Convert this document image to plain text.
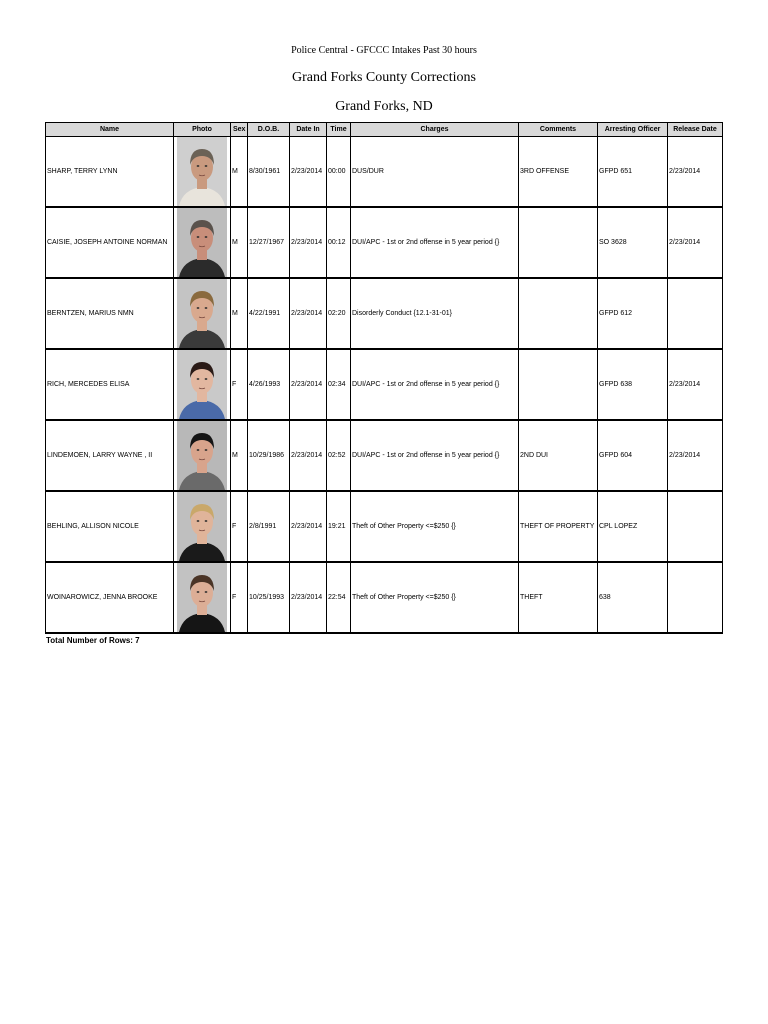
Police Central - GFCCC Intakes Past 30 hours
Grand Forks County Corrections
Grand Forks, ND
Name	Photo	Sex	D.O.B.	Date In	Time	Charges	Comments	Arresting Officer	Release Date
SHARP, TERRY LYNN		M	8/30/1961	2/23/2014	00:00	DUS/DUR	3RD OFFENSE	GFPD 651	2/23/2014
CAISIE, JOSEPH ANTOINE NORMAN		M	12/27/1967	2/23/2014	00:12	DUI/APC - 1st or 2nd offense in 5 year period {}		SO 3628	2/23/2014
BERNTZEN, MARIUS NMN		M	4/22/1991	2/23/2014	02:20	Disorderly Conduct {12.1-31-01}		GFPD 612	
RICH, MERCEDES ELISA		F	4/26/1993	2/23/2014	02:34	DUI/APC - 1st or 2nd offense in 5 year period {}		GFPD 638	2/23/2014
LINDEMOEN, LARRY WAYNE , II		M	10/29/1986	2/23/2014	02:52	DUI/APC - 1st or 2nd offense in 5 year period {}	2ND DUI	GFPD 604	2/23/2014
BEHLING, ALLISON NICOLE		F	2/8/1991	2/23/2014	19:21	Theft of Other Property <=$250 {}	THEFT OF PROPERTY	CPL LOPEZ	
WOINAROWICZ, JENNA BROOKE		F	10/25/1993	2/23/2014	22:54	Theft of Other Property <=$250 {}	THEFT	638	
Total Number of Rows: 7
